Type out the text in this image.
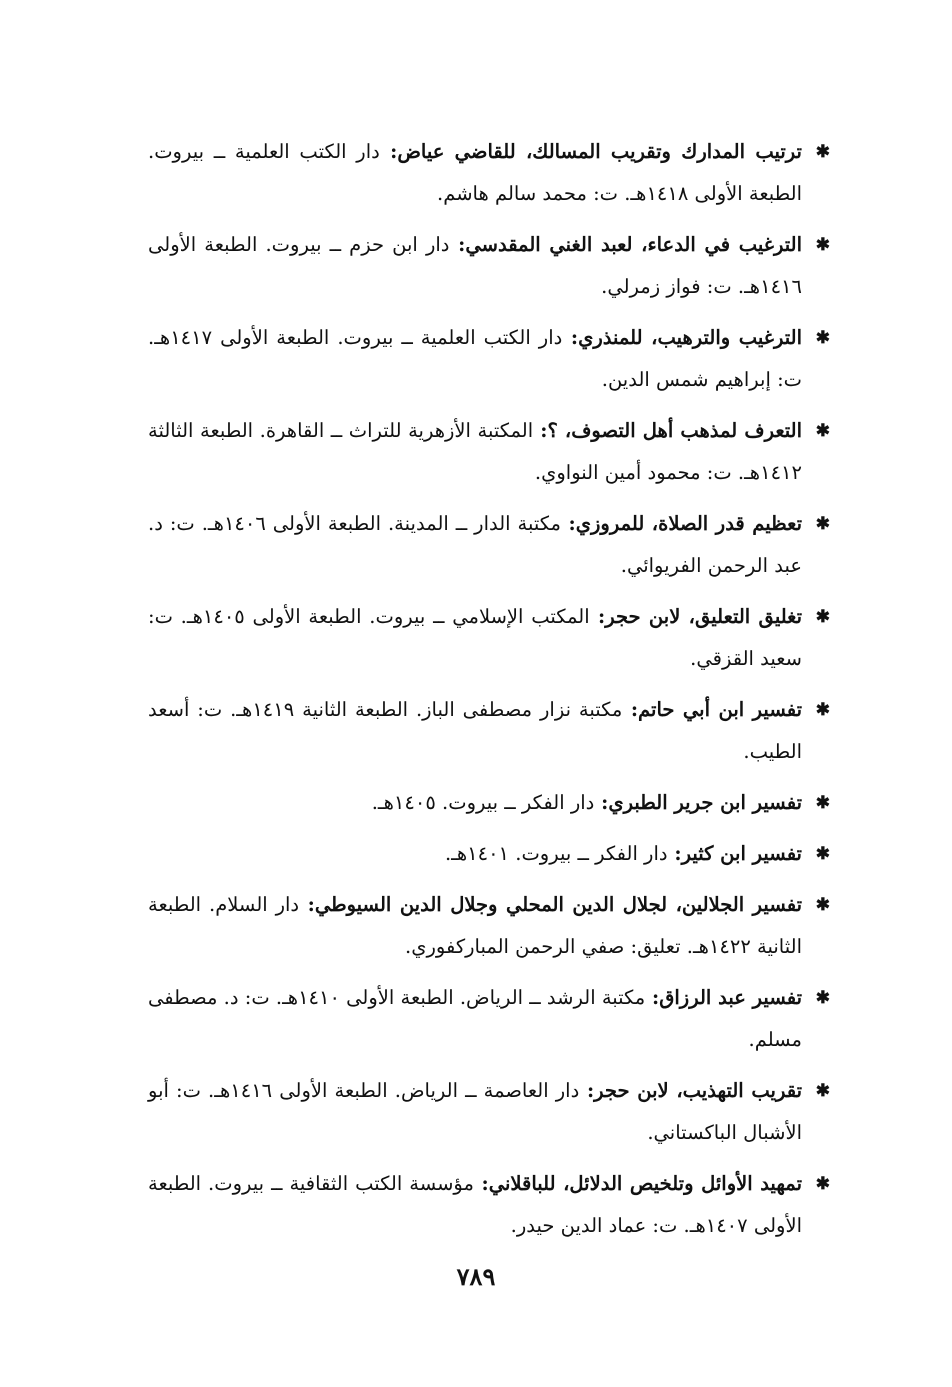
✱
ترتيب المدارك وتقريب المسالك، للقاضي عياض: دار الكتب العلمية ــ بيروت. الطبعة الأولى ١٤١٨هـ. ت: محمد سالم هاشم.
✱
الترغيب في الدعاء، لعبد الغني المقدسي: دار ابن حزم ــ بيروت. الطبعة الأولى ١٤١٦هـ. ت: فواز زمرلي.
✱
الترغيب والترهيب، للمنذري: دار الكتب العلمية ــ بيروت. الطبعة الأولى ١٤١٧هـ. ت: إبراهيم شمس الدين.
✱
التعرف لمذهب أهل التصوف، ؟: المكتبة الأزهرية للتراث ــ القاهرة. الطبعة الثالثة ١٤١٢هـ. ت: محمود أمين النواوي.
✱
تعظيم قدر الصلاة، للمروزي: مكتبة الدار ــ المدينة. الطبعة الأولى ١٤٠٦هـ. ت: د. عبد الرحمن الفريوائي.
✱
تغليق التعليق، لابن حجر: المكتب الإسلامي ــ بيروت. الطبعة الأولى ١٤٠٥هـ. ت: سعيد القزقي.
✱
تفسير ابن أبي حاتم: مكتبة نزار مصطفى الباز. الطبعة الثانية ١٤١٩هـ. ت: أسعد الطيب.
✱
تفسير ابن جرير الطبري: دار الفكر ــ بيروت. ١٤٠٥هـ.
✱
تفسير ابن كثير: دار الفكر ــ بيروت. ١٤٠١هـ.
✱
تفسير الجلالين، لجلال الدين المحلي وجلال الدين السيوطي: دار السلام. الطبعة الثانية ١٤٢٢هـ. تعليق: صفي الرحمن المباركفوري.
✱
تفسير عبد الرزاق: مكتبة الرشد ــ الرياض. الطبعة الأولى ١٤١٠هـ. ت: د. مصطفى مسلم.
✱
تقريب التهذيب، لابن حجر: دار العاصمة ــ الرياض. الطبعة الأولى ١٤١٦هـ. ت: أبو الأشبال الباكستاني.
✱
تمهيد الأوائل وتلخيص الدلائل، للباقلاني: مؤسسة الكتب الثقافية ــ بيروت. الطبعة الأولى ١٤٠٧هـ. ت: عماد الدين حيدر.
٧٨٩
